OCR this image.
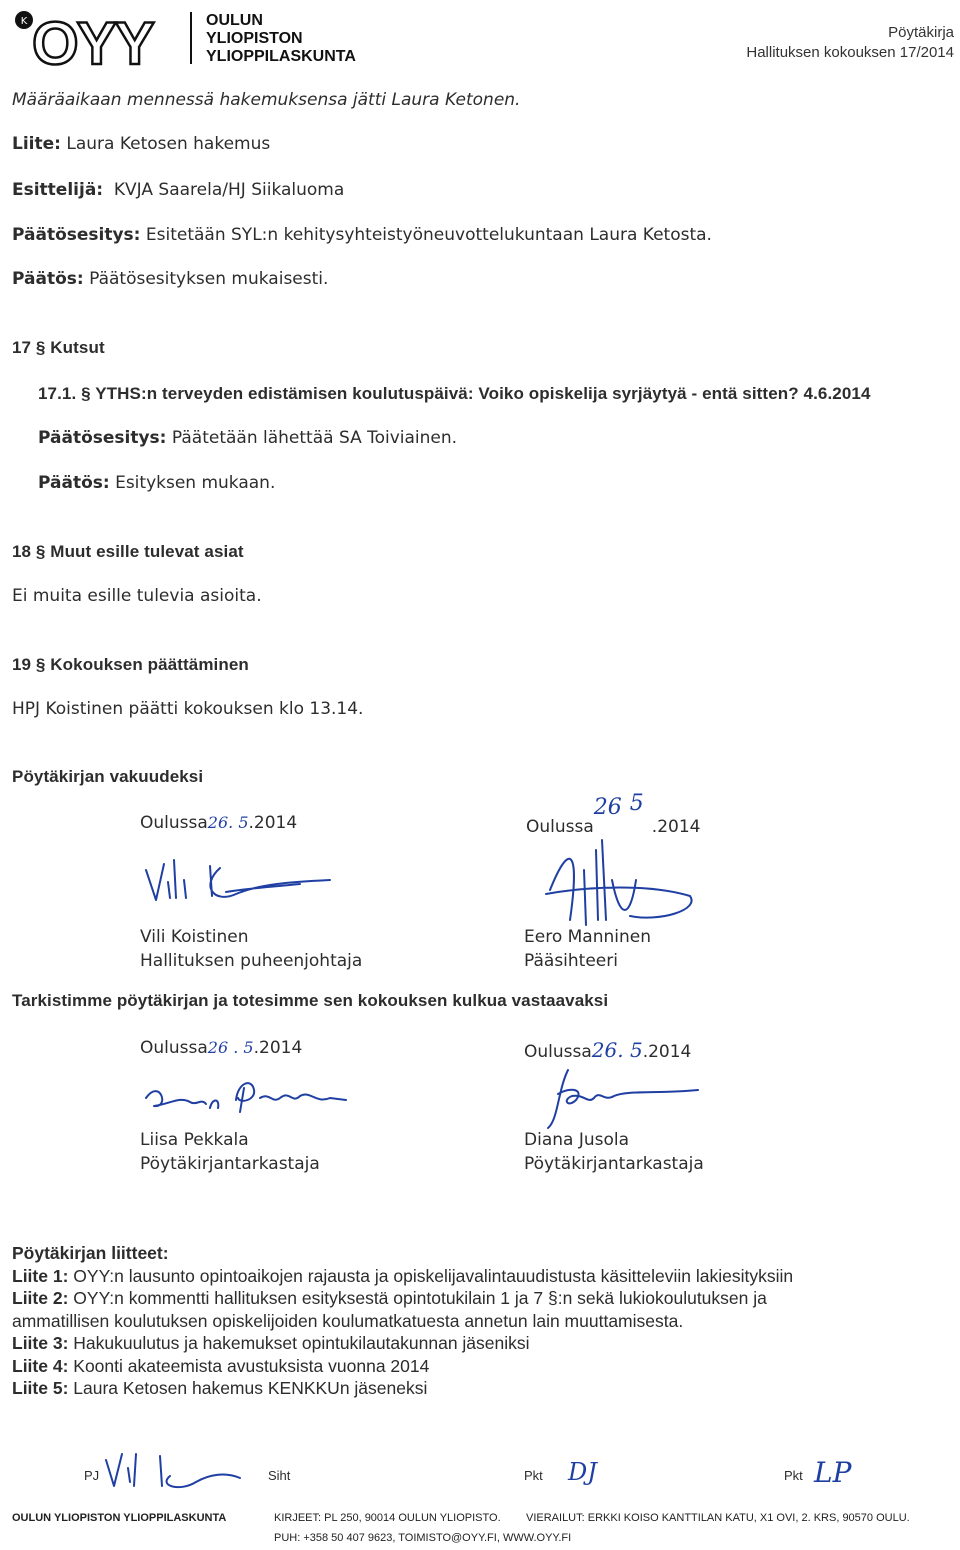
K OYY	OULUN
YLIOPISTON
YLIOPPILASKUNTA
Pöytäkirja
Hallituksen kokouksen 17/2014
Määräaikaan mennessä hakemuksensa jätti Laura Ketonen.
Liite: Laura Ketosen hakemus
Esittelijä: KVJA Saarela/HJ Siikaluoma
Päätösesitys: Esitetään SYL:n kehitysyhteistyöneuvottelukuntaan Laura Ketosta.
Päätös: Päätösesityksen mukaisesti.
17 § Kutsut
17.1. § YTHS:n terveyden edistämisen koulutuspäivä: Voiko opiskelija syrjäytyä - entä sitten? 4.6.2014
Päätösesitys: Päätetään lähettää SA Toiviainen.
Päätös: Esityksen mukaan.
18 § Muut esille tulevat asiat
Ei muita esille tulevia asioita.
19 § Kokouksen päättäminen
HPJ Koistinen päätti kokouksen klo 13.14.
Pöytäkirjan vakuudeksi
Oulussa26. 5.2014	Oulussa26 5.2014
Vili Koistinen
Hallituksen puheenjohtaja
Eero Manninen
Pääsihteeri
Tarkistimme pöytäkirjan ja totesimme sen kokouksen kulkua vastaavaksi
Oulussa26 . 5.2014	Oulussa26. 5.2014
Liisa Pekkala
Pöytäkirjantarkastaja
Diana Jusola
Pöytäkirjantarkastaja
Pöytäkirjan liitteet:
Liite 1: OYY:n lausunto opintoaikojen rajausta ja opiskelijavalintauudistusta käsitteleviin lakiesityksiin
Liite 2: OYY:n kommentti hallituksen esityksestä opintotukilain 1 ja 7 §:n sekä lukiokoulutuksen ja
ammatillisen koulutuksen opiskelijoiden koulumatkatuesta annetun lain muuttamisesta.
Liite 3: Hakukuulutus ja hakemukset opintukilautakunnan jäseniksi
Liite 4: Koonti akateemista avustuksista vuonna 2014
Liite 5: Laura Ketosen hakemus KENKKUn jäseneksi
PJ	Siht	Pkt DJ	Pkt LP
OULUN YLIOPISTON YLIOPPILASKUNTA	KIRJEET: PL 250, 90014 OULUN YLIOPISTO. VIERAILUT: ERKKI KOISO KANTTILAN KATU, X1 OVI, 2. KRS, 90570 OULU.
PUH: +358 50 407 9623, TOIMISTO@OYY.FI, WWW.OYY.FI
